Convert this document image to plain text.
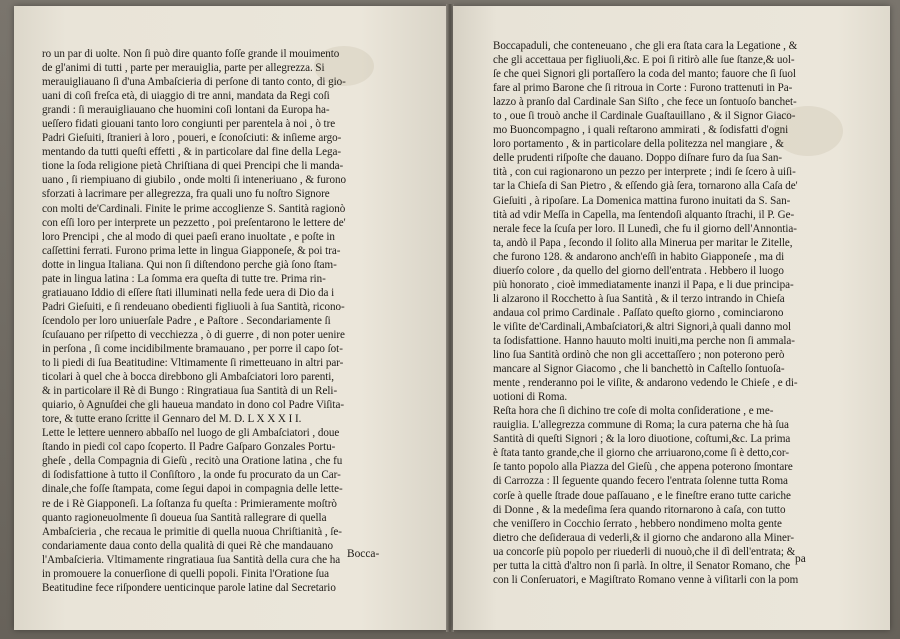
ro un par di uolte. Non ſi può dire quanto foſſe grande il mouimento
de gl'animi di tutti , parte per merauiglia, parte per allegrezza. Si
merauigliauano ſi d'una Ambaſcieria di perſone di tanto conto, di gio-
uani di coſi freſca età, di uiaggio di tre anni, mandata da Regi coſi
grandi : ſi merauigliauano che huomini coſi lontani da Europa ha-
ueſſero fidati giouani tanto loro congiunti per parentela à noi , ò tre
Padri Gieſuiti, ſtranieri à loro , poueri, e ſconoſciuti: & inſieme argo-
mentando da tutti queſti effetti , & in particolare dal fine della Lega-
tione la ſoda religione pietà Chriſtiana di quei Prencipi che li manda-
uano , ſi riempiuano di giubilo , onde molti ſi inteneriuano , & furono
sforzati à lacrimare per allegrezza, fra quali uno fu noſtro Signore
con molti de'Cardinali. Finite le prime accoglienze S. Santità ragionò
con eſſi loro per interprete un pezzetto , poi preſentarono le lettere de'
loro Prencipi , che al modo di quei paeſi erano inuoltate , e poſte in
caſſettini ferrati. Furono prima lette in lingua Giapponeſe, & poi tra-
dotte in lingua Italiana. Qui non ſi diſtendono perche già ſono ſtam-
pate in lingua latina : La ſomma era queſta di tutte tre. Prima rin-
gratiauano Iddio di eſſere ſtati illuminati nella fede uera di Dio da i
Padri Gieſuiti, e ſi rendeuano obedienti figliuoli à ſua Santità, ricono-
ſcendolo per loro uniuerſale Padre , e Paſtore . Secondariamente ſi
ſcuſauano per riſpetto di vecchiezza , ò di guerre , di non poter uenire
in perſona , ſi come incidibilmente bramauano , per porre il capo ſot-
to li piedi di ſua Beatitudine: Vltimamente ſi rimetteuano in altri par-
ticolari à quel che à bocca direbbono gli Ambaſciatori loro parenti,
& in particolare il Rè di Bungo : Ringratiaua ſua Santità di un Reli-
quiario, ò Agnuſdei che gli haueua mandato in dono col Padre Viſita-
tore, & tutte erano ſcritte il Gennaro del M. D. L X X X I I.
Lette le lettere uennero abbaſſo nel luogo de gli Ambaſciatori , doue
ſtando in piedi col capo ſcoperto. Il Padre Gaſparo Gonzales Portu-
gheſe , della Compagnia di Gieſù , recitò una Oratione latina , che fu
di ſodisfattione à tutto il Conſiſtoro , la onde fu procurato da un Car-
dinale,che foſſe ſtampata, come ſegui dapoi in compagnia delle lette-
re de i Rè Giapponeſi. La ſoſtanza fu queſta : Primieramente moſtrò
quanto ragioneuolmente ſi doueua ſua Santità rallegrare di quella
Ambaſcieria , che recaua le primitie di quella nuoua Chriſtianità , ſe-
condariamente daua conto della qualità di quei Rè che mandauano
l'Ambaſcieria. Vltimamente ringratiaua ſua Santità della cura che ha
in promouere la conuerſione di quelli popoli. Finita l'Oratione ſua
Beatitudine fece riſpondere uenticinque parole latine dal Secretario
Bocca-
Boccapaduli, che conteneuano , che gli era ſtata cara la Legatione , &
che gli accettaua per figliuoli,&c. E poi ſi ritirò alle ſue ſtanze,& uol-
ſe che quei Signori gli portaſſero la coda del manto; fauore che ſi ſuol
fare al primo Barone che ſi ritroua in Corte : Furono trattenuti in Pa-
lazzo à pranſo dal Cardinale San Siſto , che fece un ſontuoſo banchet-
to , oue ſi trouò anche il Cardinale Guaſtauillano , & il Signor Giaco-
mo Buoncompagno , i quali reſtarono ammirati , & ſodisfatti d'ogni
loro portamento , & in particolare della politezza nel mangiare , &
delle prudenti riſpoſte che dauano. Doppo diſnare furo da ſua San-
tità , con cui ragionarono un pezzo per interprete ; indi ſe ſcero à uiſi-
tar la Chieſa di San Pietro , & eſſendo già ſera, tornarono alla Caſa de'
Gieſuiti , à ripoſare. La Domenica mattina furono inuitati da S. San-
tità ad vdir Meſſa in Capella, ma ſentendoſi alquanto ſtrachi, il P. Ge-
nerale fece la ſcuſa per loro. Il Lunedì, che fu il giorno dell'Annontia-
ta, andò il Papa , ſecondo il ſolito alla Minerua per maritar le Zitelle,
che furono 128. & andarono anch'eſſi in habito Giapponeſe , ma di
diuerſo colore , da quello del giorno dell'entrata . Hebbero il luogo
più honorato , cioè immediatamente inanzi il Papa, e li due principa-
li alzarono il Rocchetto à ſua Santità , & il terzo intrando in Chieſa
andaua col primo Cardinale . Paſſato queſto giorno , cominciarono
le viſite de'Cardinali,Ambaſciatori,& altri Signori,à quali danno mol
ta ſodisfattione. Hanno hauuto molti inuiti,ma perche non ſi ammala-
lino ſua Santità ordinò che non gli accettaſſero ; non poterono però
mancare al Signor Giacomo , che li banchettò in Caſtello ſontuoſa-
mente , renderanno poi le viſite, & andarono vedendo le Chieſe , e di-
uotioni di Roma.
Reſta hora che ſi dichino tre coſe di molta conſideratione , e me-
rauiglia. L'allegrezza commune di Roma; la cura paterna che hà ſua
Santità di queſti Signori ; & la loro diuotione, coſtumi,&c. La prima
è ſtata tanto grande,che il giorno che arriuarono,come ſi è detto,cor-
ſe tanto popolo alla Piazza del Gieſù , che appena poterono ſmontare
di Carrozza : Il ſeguente quando fecero l'entrata ſolenne tutta Roma
corſe à quelle ſtrade doue paſſauano , e le fineſtre erano tutte cariche
di Donne , & la medeſima ſera quando ritornarono à caſa, con tutto
che veniſſero in Cocchio ſerrato , hebbero nondimeno molta gente
dietro che deſideraua di vederli,& il giorno che andarono alla Miner-
ua concorſe più popolo per riuederli di nuouò,che il dì dell'entrata; &
per tutta la città d'altro non ſi parlà. In oltre, il Senator Romano, che
con li Conſeruatori, e Magiſtrato Romano venne à viſitarli con la pom
pa
